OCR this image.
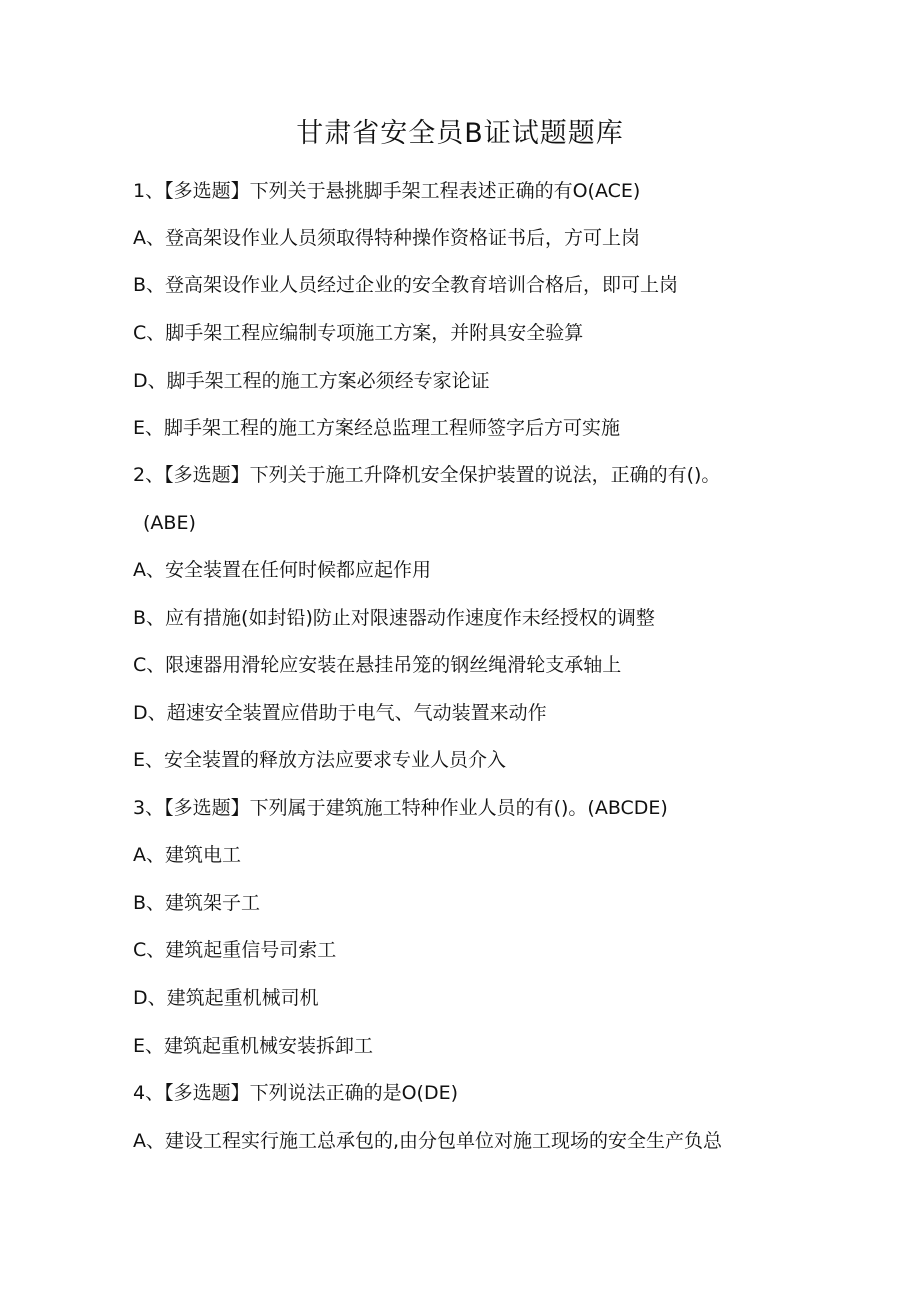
甘肃省安全员B证试题题库
1、【多选题】下列关于悬挑脚手架工程表述正确的有O(ACE)
A、登高架设作业人员须取得特种操作资格证书后，方可上岗
B、登高架设作业人员经过企业的安全教育培训合格后，即可上岗
C、脚手架工程应编制专项施工方案，并附具安全验算
D、脚手架工程的施工方案必须经专家论证
E、脚手架工程的施工方案经总监理工程师签字后方可实施
2、【多选题】下列关于施工升降机安全保护装置的说法，正确的有()。
(ABE)
A、安全装置在任何时候都应起作用
B、应有措施(如封铅)防止对限速器动作速度作未经授权的调整
C、限速器用滑轮应安装在悬挂吊笼的钢丝绳滑轮支承轴上
D、超速安全装置应借助于电气、气动装置来动作
E、安全装置的释放方法应要求专业人员介入
3、【多选题】下列属于建筑施工特种作业人员的有()。(ABCDE)
A、建筑电工
B、建筑架子工
C、建筑起重信号司索工
D、建筑起重机械司机
E、建筑起重机械安装拆卸工
4、【多选题】下列说法正确的是O(DE)
A、建设工程实行施工总承包的,由分包单位对施工现场的安全生产负总
